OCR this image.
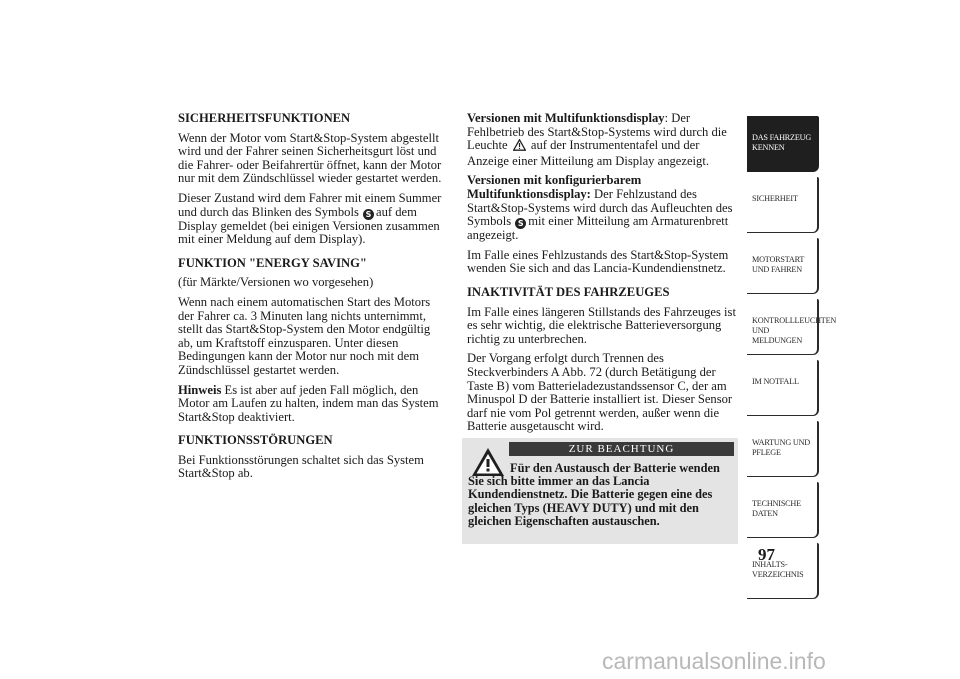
SICHERHEITSFUNKTIONEN

Wenn der Motor vom Start&Stop-System abgestellt wird und der Fahrer seinen Sicherheitsgurt löst und die Fahrer- oder Beifahrertür öffnet, kann der Motor nur mit dem Zündschlüssel wieder gestartet werden.

Dieser Zustand wird dem Fahrer mit einem Summer und durch das Blinken des Symbols S auf dem Display gemeldet (bei einigen Versionen zusammen mit einer Meldung auf dem Display).

FUNKTION "ENERGY SAVING"

(für Märkte/Versionen wo vorgesehen)

Wenn nach einem automatischen Start des Motors der Fahrer ca. 3 Minuten lang nichts unternimmt, stellt das Start&Stop-System den Motor endgültig ab, um Kraftstoff einzusparen. Unter diesen Bedingungen kann der Motor nur noch mit dem Zündschlüssel gestartet werden.

Hinweis Es ist aber auf jeden Fall möglich, den Motor am Laufen zu halten, indem man das System Start&Stop deaktiviert.

FUNKTIONSSTÖRUNGEN

Bei Funktionsstörungen schaltet sich das System Start&Stop ab.

Versionen mit Multifunktionsdisplay: Der Fehlbetrieb des Start&Stop-Systems wird durch die Leuchte auf der Instrumententafel und der Anzeige einer Mitteilung am Display angezeigt.

Versionen mit konfigurierbarem Multifunktionsdisplay: Der Fehlzustand des Start&Stop-Systems wird durch das Aufleuchten des Symbols S mit einer Mitteilung am Armaturenbrett angezeigt.

Im Falle eines Fehlzustands des Start&Stop-System wenden Sie sich and das Lancia-Kundendienstnetz.

INAKTIVITÄT DES FAHRZEUGES

Im Falle eines längeren Stillstands des Fahrzeuges ist es sehr wichtig, die elektrische Batterieversorgung richtig zu unterbrechen.

Der Vorgang erfolgt durch Trennen des Steckverbinders A Abb. 72 (durch Betätigung der Taste B) vom Batterieladezustandssensor C, der am Minuspol D der Batterie installiert ist. Dieser Sensor darf nie vom Pol getrennt werden, außer wenn die Batterie ausgetauscht wird.

ZUR BEACHTUNG

Für den Austausch der Batterie wenden Sie sich bitte immer an das Lancia Kundendienstnetz. Die Batterie gegen eine des gleichen Typs (HEAVY DUTY) und mit den gleichen Eigenschaften austauschen.

DAS FAHRZEUG KENNEN
SICHERHEIT
MOTORSTART UND FAHREN
KONTROLLLEUCHTEN UND MELDUNGEN
IM NOTFALL
WARTUNG UND PFLEGE
TECHNISCHE DATEN
INHALTS-VERZEICHNIS
97
carmanualsonline.info
